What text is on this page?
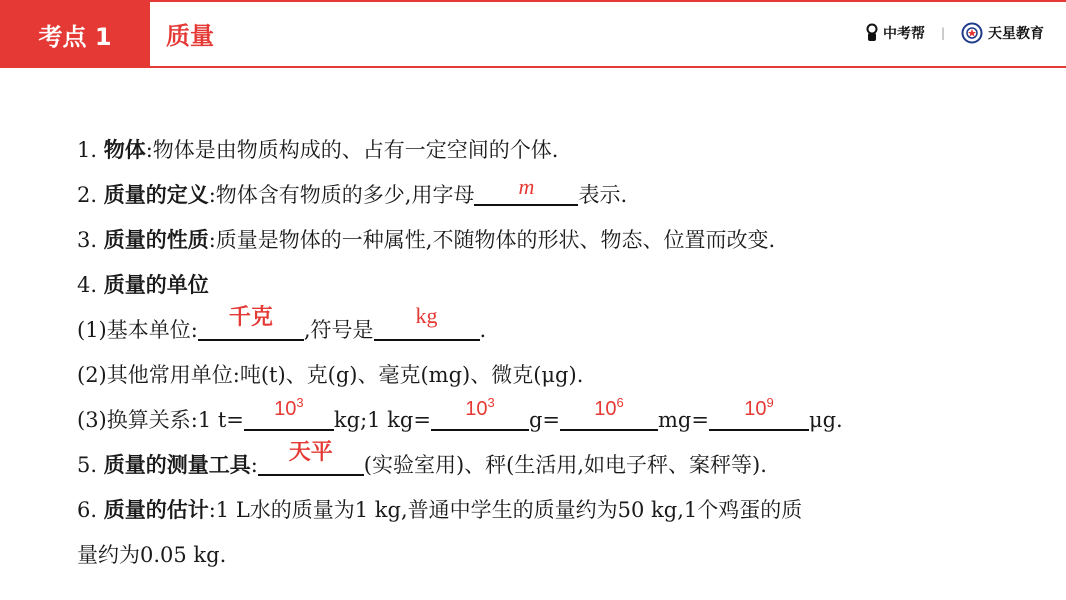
考点 1	质量	中考帮 |	天星教育
1. 物体:物体是由物质构成的、占有一定空间的个体.
2. 质量的定义:物体含有物质的多少,用字母	m	表示.
3. 质量的性质:质量是物体的一种属性,不随物体的形状、物态、位置而改变.
4. 质量的单位
(1)基本单位:	千克	,符号是
kg
.
(2)其他常用单位:吨(t)、克(g)、毫克(mg)、微克(μg).
(3)换算关系:1 t=	$10^3$
kg;1 kg=	$10^3$
g=	$10^6$
mg=	$10^9$
μg.
5. 质量的测量工具:	天平	(实验室用)、秤(生活用,如电子秤、案秤等).
6. 质量的估计:1 L水的质量为1 kg,普通中学生的质量约为50 kg,1个鸡蛋的质
量约为0.05 kg.
